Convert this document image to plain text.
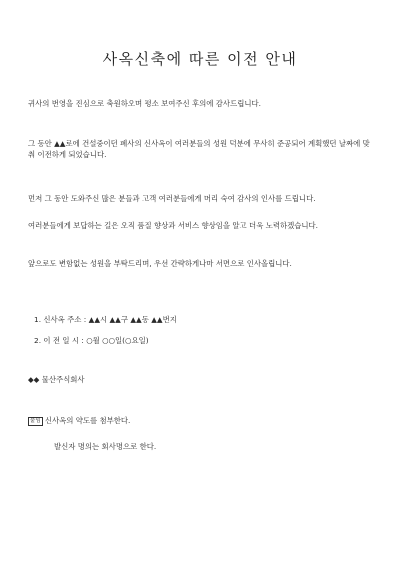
사옥신축에 따른 이전 안내
귀사의 번영을 진심으로 축원하오며 평소 보여주신 후의에 감사드립니다.
그 동안 ▲▲로에 건설중이던 폐사의 신사옥이 여러분들의 성원 덕분에 무사히 준공되어 계획했던 날짜에 맞춰 이전하게 되었습니다.
먼저 그 동안 도와주신 많은 분들과 고객 여러분들에게 머리 숙여 감사의 인사를 드립니다.
여러분들에게 보답하는 길은 오직 품질 향상과 서비스 향상임을 알고 더욱 노력하겠습니다.
앞으로도 변함없는 성원을 부탁드리며, 우선 간략하게나마 서면으로 인사올립니다.
1. 신사옥 주소 : ▲▲시 ▲▲구 ▲▲동 ▲▲번지
2. 이 전 일 시 : ○월 ○○일(○요일)
◆◆ 물산주식회사
붙임 신사옥의 약도를 첨부한다.
발신자 명의는 회사명으로 한다.
